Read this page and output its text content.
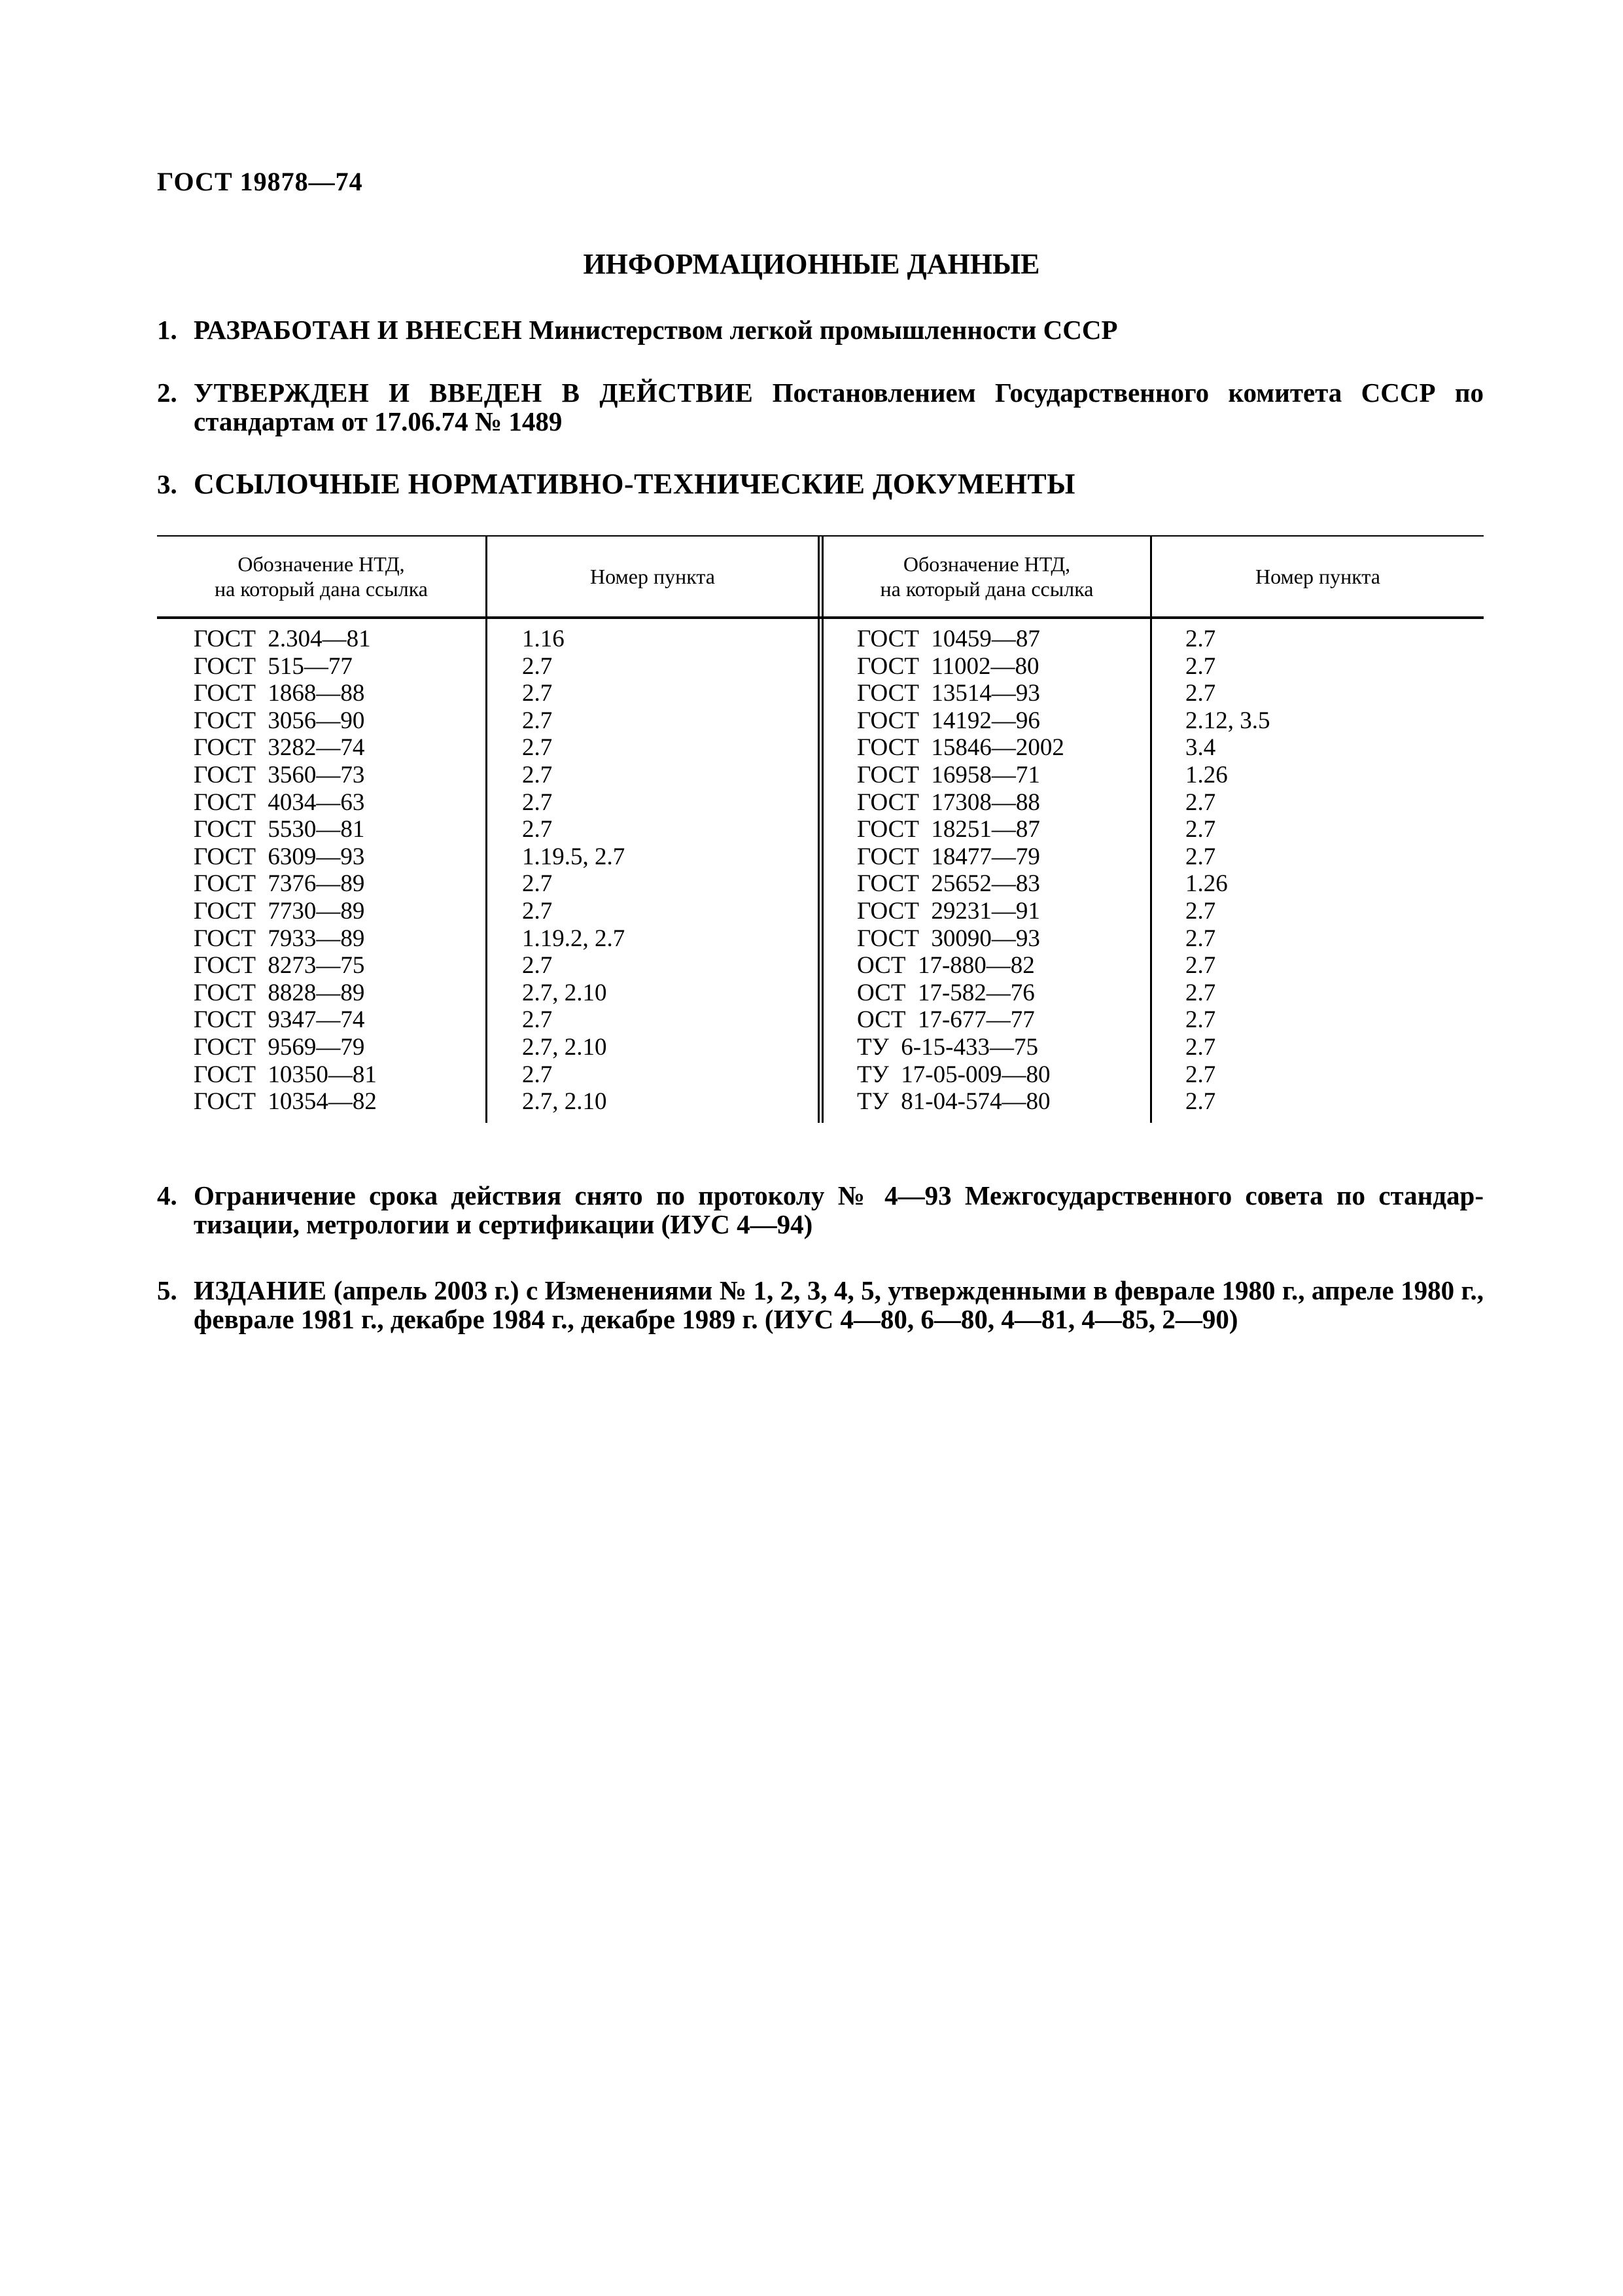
ГОСТ 19878—74
ИНФОРМАЦИОННЫЕ ДАННЫЕ
1. РАЗРАБОТАН И ВНЕСЕН Министерством легкой промышленности СССР
2. УТВЕРЖДЕН И ВВЕДЕН В ДЕЙСТВИЕ Постановлением Государственного комитета СССР по стандартам от 17.06.74 № 1489
3. ССЫЛОЧНЫЕ НОРМАТИВНО-ТЕХНИЧЕСКИЕ ДОКУМЕНТЫ
Обозначение НТД,
на который дана ссылка
Номер пункта
Обозначение НТД,
на который дана ссылка
Номер пункта
ГОСТ  2.304—81
ГОСТ  515—77
ГОСТ  1868—88
ГОСТ  3056—90
ГОСТ  3282—74
ГОСТ  3560—73
ГОСТ  4034—63
ГОСТ  5530—81
ГОСТ  6309—93
ГОСТ  7376—89
ГОСТ  7730—89
ГОСТ  7933—89
ГОСТ  8273—75
ГОСТ  8828—89
ГОСТ  9347—74
ГОСТ  9569—79
ГОСТ  10350—81
ГОСТ  10354—82
1.16
2.7
2.7
2.7
2.7
2.7
2.7
2.7
1.19.5, 2.7
2.7
2.7
1.19.2, 2.7
2.7
2.7, 2.10
2.7
2.7, 2.10
2.7
2.7, 2.10
ГОСТ  10459—87
ГОСТ  11002—80
ГОСТ  13514—93
ГОСТ  14192—96
ГОСТ  15846—2002
ГОСТ  16958—71
ГОСТ  17308—88
ГОСТ  18251—87
ГОСТ  18477—79
ГОСТ  25652—83
ГОСТ  29231—91
ГОСТ  30090—93
ОСТ  17-880—82
ОСТ  17-582—76
ОСТ  17-677—77
ТУ  6-15-433—75
ТУ  17-05-009—80
ТУ  81-04-574—80
2.7
2.7
2.7
2.12, 3.5
3.4
1.26
2.7
2.7
2.7
1.26
2.7
2.7
2.7
2.7
2.7
2.7
2.7
2.7
4. Ограничение срока действия снято по протоколу № 4—93 Межгосударственного совета по стандар-тизации, метрологии и сертификации (ИУС 4—94)
5. ИЗДАНИЕ (апрель 2003 г.) с Изменениями № 1, 2, 3, 4, 5, утвержденными в феврале 1980 г., апреле 1980 г., феврале 1981 г., декабре 1984 г., декабре 1989 г. (ИУС 4—80, 6—80, 4—81, 4—85, 2—90)
